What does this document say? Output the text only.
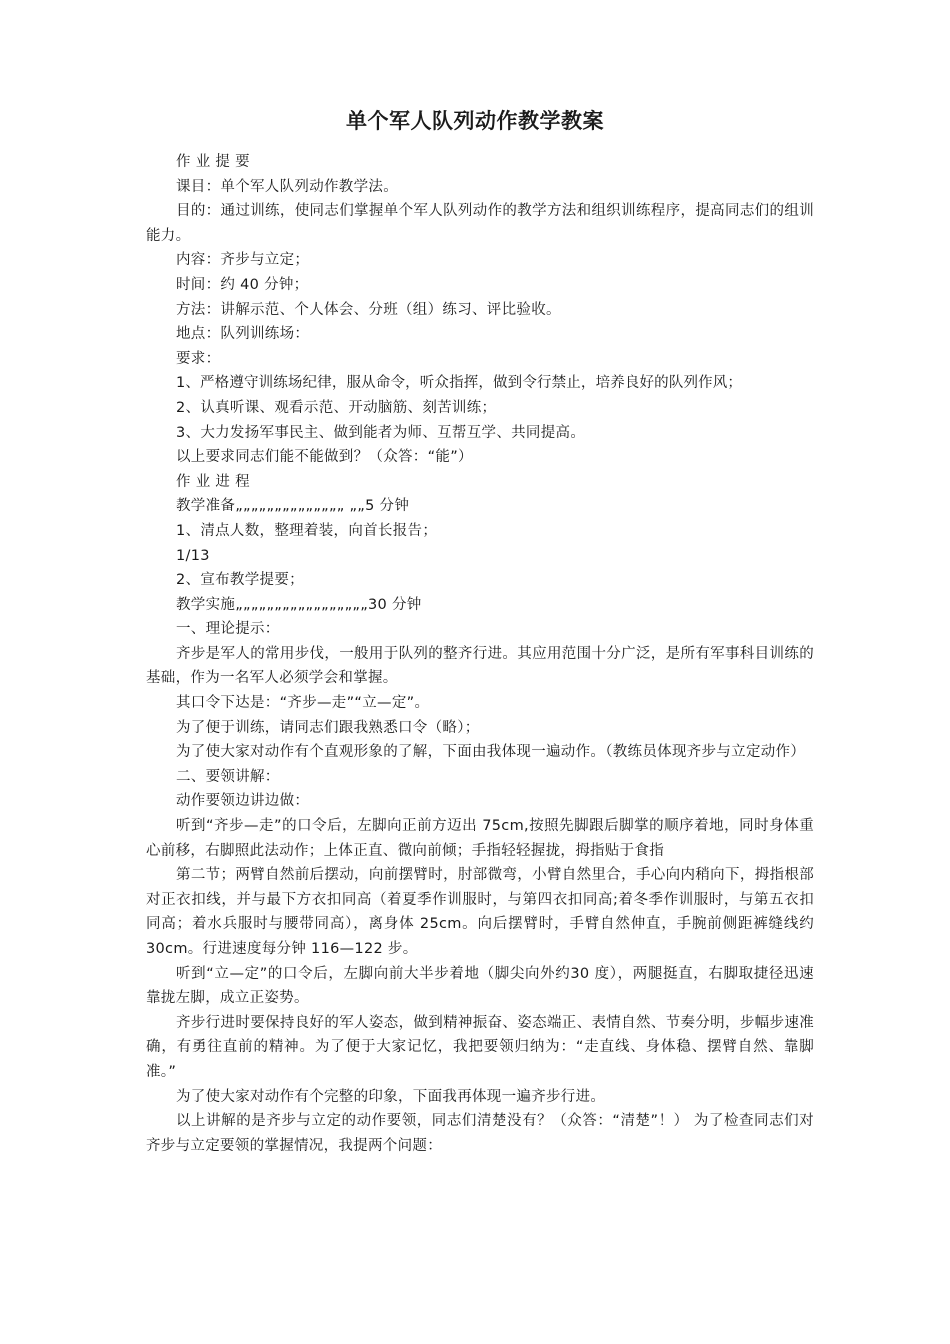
单个军人队列动作教学教案

作 业 提 要

课目：单个军人队列动作教学法。

目的：通过训练，使同志们掌握单个军人队列动作的教学方法和组织训练程序，提高同志们的组训能力。

内容：齐步与立定；

时间：约 40 分钟；

方法：讲解示范、个人体会、分班（组）练习、评比验收。

地点：队列训练场：

要求：

1、严格遵守训练场纪律，服从命令，听众指挥，做到令行禁止，培养良好的队列作风；

2、认真听课、观看示范、开动脑筋、刻苦训练；

3、大力发扬军事民主、做到能者为师、互帮互学、共同提高。

以上要求同志们能不能做到？（众答：“能”）

作 业 进 程

教学准备„„„„„„„„„„„„„„ „„5 分钟

1、清点人数，整理着装，向首长报告；

1/13

2、宣布教学提要；

教学实施„„„„„„„„„„„„„„„„„30 分钟

一、理论提示：

齐步是军人的常用步伐，一般用于队列的整齐行进。其应用范围十分广泛，是所有军事科目训练的基础，作为一名军人必须学会和掌握。

其口令下达是：“齐步—走”“立—定”。

为了便于训练，请同志们跟我熟悉口令（略）；

为了使大家对动作有个直观形象的了解，下面由我体现一遍动作。（教练员体现齐步与立定动作）

二、要领讲解：

动作要领边讲边做：

听到“齐步—走”的口令后，左脚向正前方迈出 75cm,按照先脚跟后脚掌的顺序着地，同时身体重心前移，右脚照此法动作；上体正直、微向前倾；手指轻轻握拢，拇指贴于食指

第二节；两臂自然前后摆动，向前摆臂时，肘部微弯，小臂自然里合，手心向内稍向下，拇指根部对正衣扣线，并与最下方衣扣同高（着夏季作训服时，与第四衣扣同高;着冬季作训服时，与第五衣扣同高；着水兵服时与腰带同高），离身体 25cm。向后摆臂时，手臂自然伸直，手腕前侧距裤缝线约 30cm。行进速度每分钟 116—122 步。

听到“立—定”的口令后，左脚向前大半步着地（脚尖向外约30 度），两腿挺直，右脚取捷径迅速靠拢左脚，成立正姿势。

齐步行进时要保持良好的军人姿态，做到精神振奋、姿态端正、表情自然、节奏分明，步幅步速准确，有勇往直前的精神。为了便于大家记忆，我把要领归纳为：“走直线、身体稳、摆臂自然、靠脚准。”

为了使大家对动作有个完整的印象，下面我再体现一遍齐步行进。

以上讲解的是齐步与立定的动作要领，同志们清楚没有？（众答：“清楚”！） 为了检查同志们对齐步与立定要领的掌握情况，我提两个问题：
